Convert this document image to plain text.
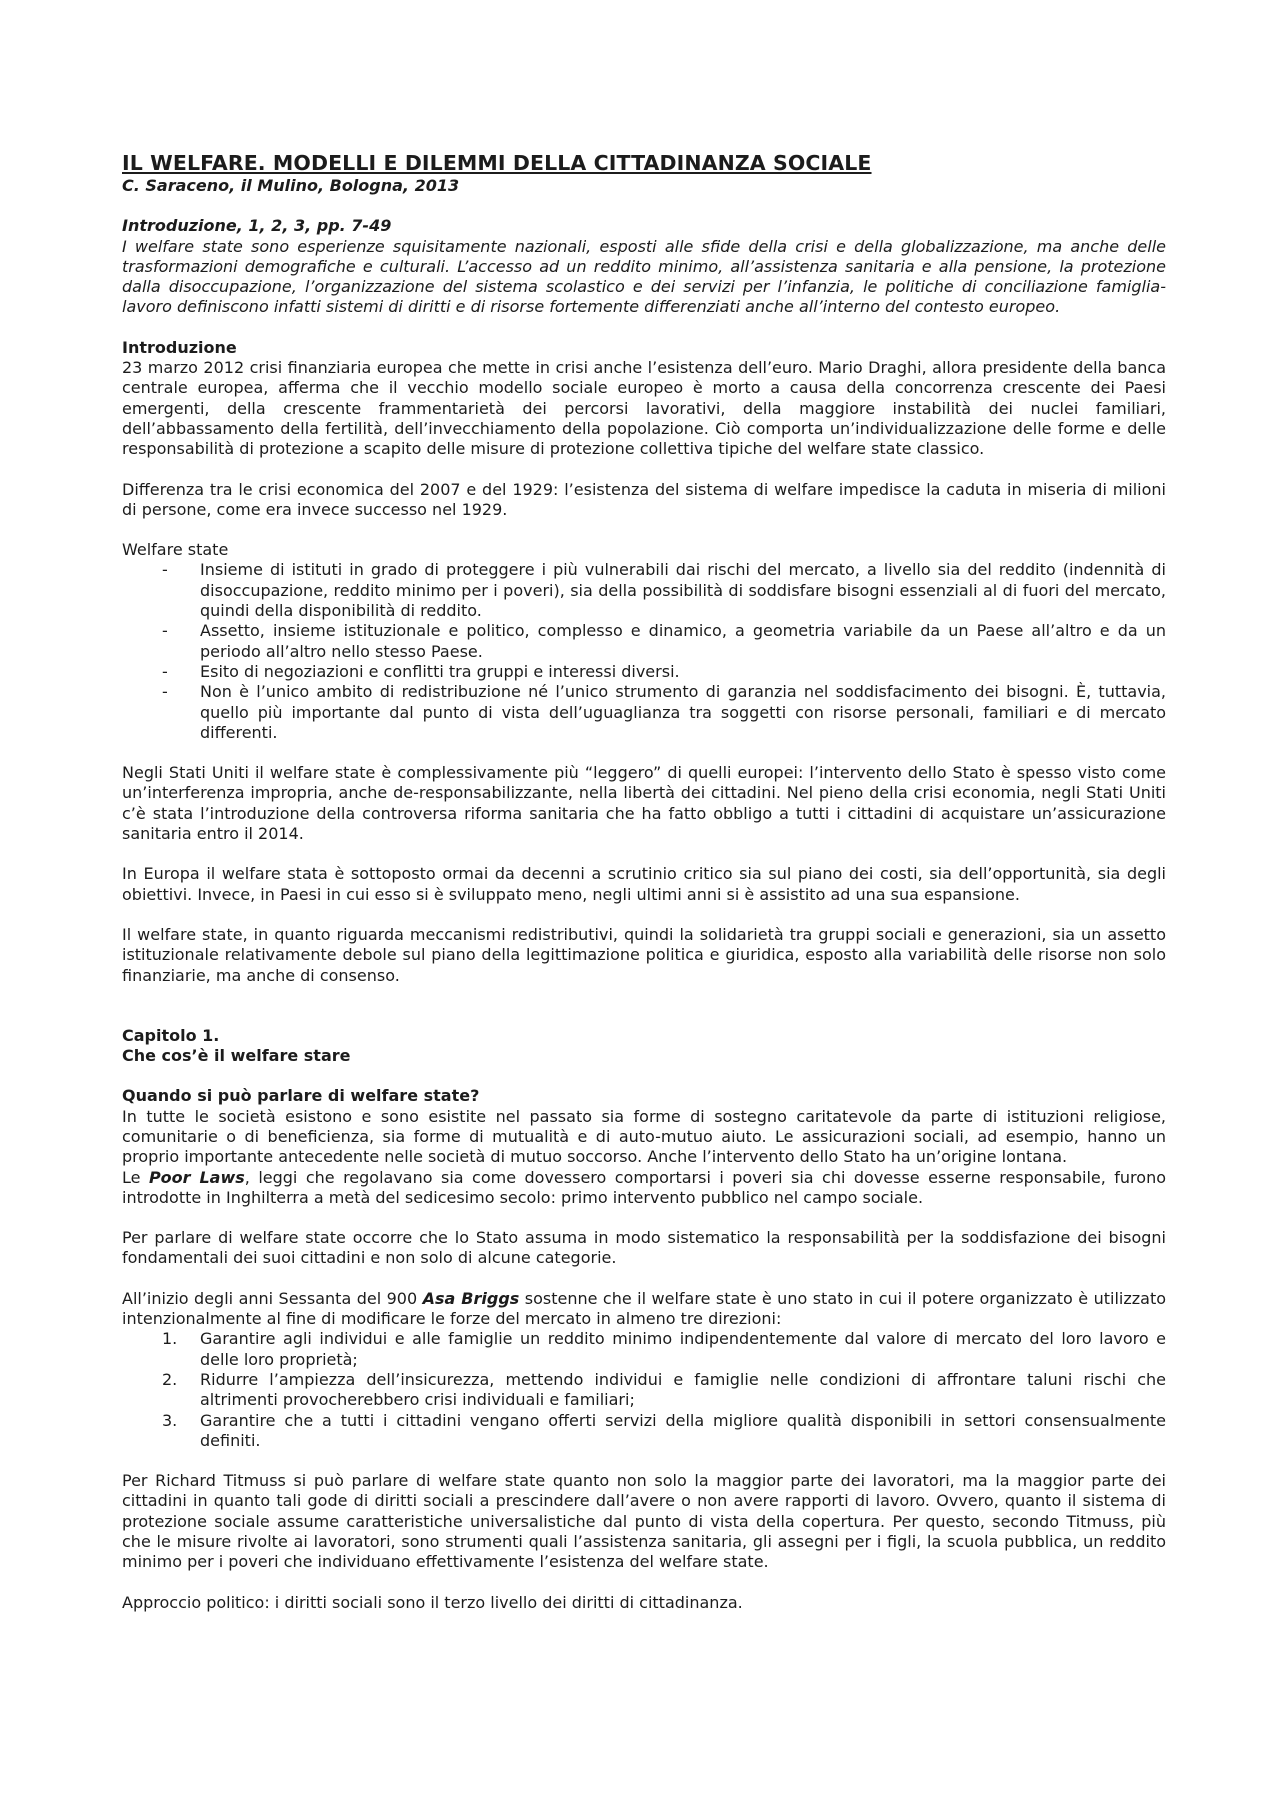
IL WELFARE. MODELLI E DILEMMI DELLA CITTADINANZA SOCIALE
C. Saraceno, il Mulino, Bologna, 2013
Introduzione, 1, 2, 3, pp. 7-49

I welfare state sono esperienze squisitamente nazionali, esposti alle sfide della crisi e della globalizzazione, ma anche delle trasformazioni demografiche e culturali. L’accesso ad un reddito minimo, all’assistenza sanitaria e alla pensione, la protezione dalla disoccupazione, l’organizzazione del sistema scolastico e dei servizi per l’infanzia, le politiche di conciliazione famiglia-lavoro definiscono infatti sistemi di diritti e di risorse fortemente differenziati anche all’interno del contesto europeo.

Introduzione

23 marzo 2012 crisi finanziaria europea che mette in crisi anche l’esistenza dell’euro. Mario Draghi, allora presidente della banca centrale europea, afferma che il vecchio modello sociale europeo è morto a causa della concorrenza crescente dei Paesi emergenti, della crescente frammentarietà dei percorsi lavorativi, della maggiore instabilità dei nuclei familiari, dell’abbassamento della fertilità, dell’invecchiamento della popolazione. Ciò comporta un’individualizzazione delle forme e delle responsabilità di protezione a scapito delle misure di protezione collettiva tipiche del welfare state classico.

Differenza tra le crisi economica del 2007 e del 1929: l’esistenza del sistema di welfare impedisce la caduta in miseria di milioni di persone, come era invece successo nel 1929.

Welfare state
- Insieme di istituti in grado di proteggere i più vulnerabili dai rischi del mercato, a livello sia del reddito (indennità di disoccupazione, reddito minimo per i poveri), sia della possibilità di soddisfare bisogni essenziali al di fuori del mercato, quindi della disponibilità di reddito.
- Assetto, insieme istituzionale e politico, complesso e dinamico, a geometria variabile da un Paese all’altro e da un periodo all’altro nello stesso Paese.
- Esito di negoziazioni e conflitti tra gruppi e interessi diversi.
- Non è l’unico ambito di redistribuzione né l’unico strumento di garanzia nel soddisfacimento dei bisogni. È, tuttavia, quello più importante dal punto di vista dell’uguaglianza tra soggetti con risorse personali, familiari e di mercato differenti.

Negli Stati Uniti il welfare state è complessivamente più “leggero” di quelli europei: l’intervento dello Stato è spesso visto come un’interferenza impropria, anche de-responsabilizzante, nella libertà dei cittadini. Nel pieno della crisi economia, negli Stati Uniti c’è stata l’introduzione della controversa riforma sanitaria che ha fatto obbligo a tutti i cittadini di acquistare un’assicurazione sanitaria entro il 2014.

In Europa il welfare stata è sottoposto ormai da decenni a scrutinio critico sia sul piano dei costi, sia dell’opportunità, sia degli obiettivi. Invece, in Paesi in cui esso si è sviluppato meno, negli ultimi anni si è assistito ad una sua espansione.

Il welfare state, in quanto riguarda meccanismi redistributivi, quindi la solidarietà tra gruppi sociali e generazioni, sia un assetto istituzionale relativamente debole sul piano della legittimazione politica e giuridica, esposto alla variabilità delle risorse non solo finanziarie, ma anche di consenso.

Capitolo 1.
Che cos’è il welfare stare
Quando si può parlare di welfare state?

In tutte le società esistono e sono esistite nel passato sia forme di sostegno caritatevole da parte di istituzioni religiose, comunitarie o di beneficienza, sia forme di mutualità e di auto-mutuo aiuto. Le assicurazioni sociali, ad esempio, hanno un proprio importante antecedente nelle società di mutuo soccorso. Anche l’intervento dello Stato ha un’origine lontana.

Le Poor Laws, leggi che regolavano sia come dovessero comportarsi i poveri sia chi dovesse esserne responsabile, furono introdotte in Inghilterra a metà del sedicesimo secolo: primo intervento pubblico nel campo sociale.

Per parlare di welfare state occorre che lo Stato assuma in modo sistematico la responsabilità per la soddisfazione dei bisogni fondamentali dei suoi cittadini e non solo di alcune categorie.

All’inizio degli anni Sessanta del 900 Asa Briggs sostenne che il welfare state è uno stato in cui il potere organizzato è utilizzato intenzionalmente al fine di modificare le forze del mercato in almeno tre direzioni:

1. Garantire agli individui e alle famiglie un reddito minimo indipendentemente dal valore di mercato del loro lavoro e delle loro proprietà;
2. Ridurre l’ampiezza dell’insicurezza, mettendo individui e famiglie nelle condizioni di affrontare taluni rischi che altrimenti provocherebbero crisi individuali e familiari;
3. Garantire che a tutti i cittadini vengano offerti servizi della migliore qualità disponibili in settori consensualmente definiti.

Per Richard Titmuss si può parlare di welfare state quanto non solo la maggior parte dei lavoratori, ma la maggior parte dei cittadini in quanto tali gode di diritti sociali a prescindere dall’avere o non avere rapporti di lavoro. Ovvero, quanto il sistema di protezione sociale assume caratteristiche universalistiche dal punto di vista della copertura. Per questo, secondo Titmuss, più che le misure rivolte ai lavoratori, sono strumenti quali l’assistenza sanitaria, gli assegni per i figli, la scuola pubblica, un reddito minimo per i poveri che individuano effettivamente l’esistenza del welfare state.

Approccio politico: i diritti sociali sono il terzo livello dei diritti di cittadinanza.
